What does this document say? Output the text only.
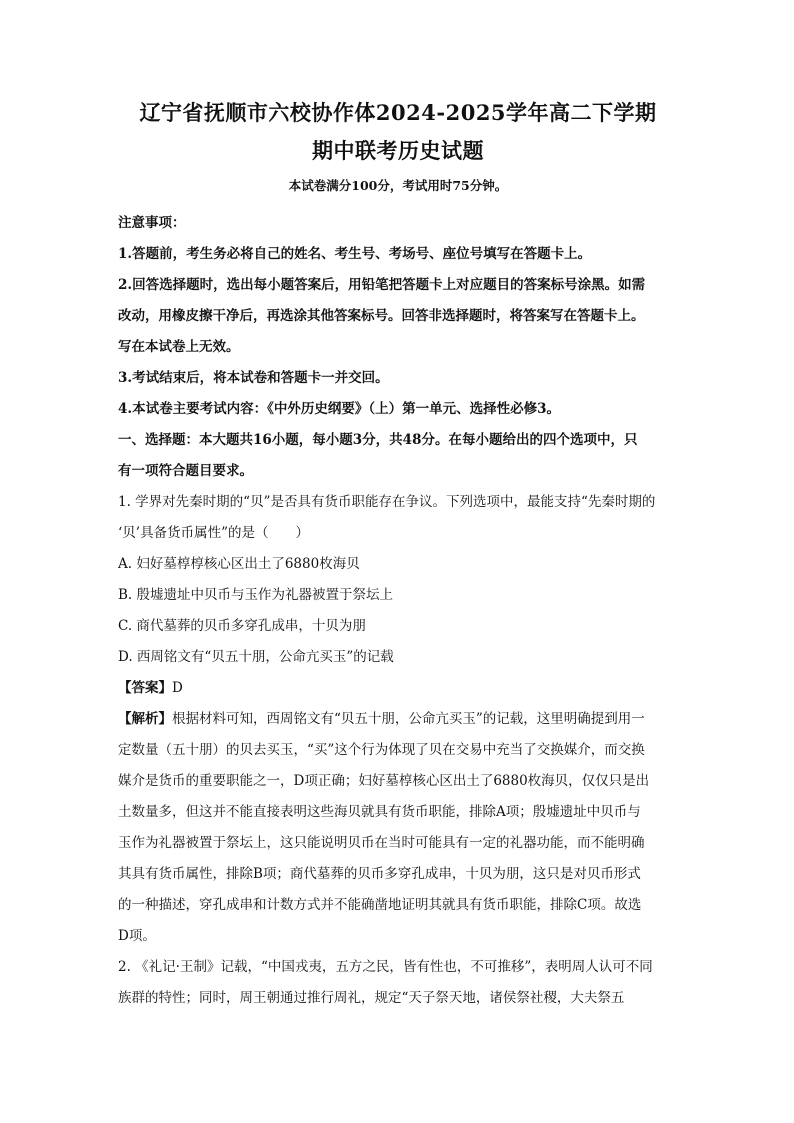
辽宁省抚顺市六校协作体2024-2025学年高二下学期
期中联考历史试题
本试卷满分100分，考试用时75分钟。

注意事项：

1.答题前，考生务必将自己的姓名、考生号、考场号、座位号填写在答题卡上。

2.回答选择题时，选出每小题答案后，用铅笔把答题卡上对应题目的答案标号涂黑。如需

改动，用橡皮擦干净后，再选涂其他答案标号。回答非选择题时，将答案写在答题卡上。

写在本试卷上无效。

3.考试结束后，将本试卷和答题卡一并交回。

4.本试卷主要考试内容：《中外历史纲要》（上）第一单元、选择性必修3。

一、选择题：本大题共16小题，每小题3分，共48分。在每小题给出的四个选项中，只

有一项符合题目要求。

1. 学界对先秦时期的“贝”是否具有货币职能存在争议。下列选项中，最能支持“先秦时期的

‘贝’具备货币属性”的是（　　）

A. 妇好墓椁椁核心区出土了6880枚海贝

B. 殷墟遗址中贝币与玉作为礼器被置于祭坛上

C. 商代墓葬的贝币多穿孔成串，十贝为朋

D. 西周铭文有“贝五十朋，公命亢买玉”的记载

【答案】D

【解析】根据材料可知，西周铭文有“贝五十朋，公命亢买玉”的记载，这里明确提到用一

定数量（五十朋）的贝去买玉，“买”这个行为体现了贝在交易中充当了交换媒介，而交换

媒介是货币的重要职能之一，D项正确；妇好墓椁核心区出土了6880枚海贝，仅仅只是出

土数量多，但这并不能直接表明这些海贝就具有货币职能，排除A项；殷墟遗址中贝币与

玉作为礼器被置于祭坛上，这只能说明贝币在当时可能具有一定的礼器功能，而不能明确

其具有货币属性，排除B项；商代墓葬的贝币多穿孔成串，十贝为朋，这只是对贝币形式

的一种描述，穿孔成串和计数方式并不能确凿地证明其就具有货币职能，排除C项。故选

D项。

2. 《礼记·王制》记载，“中国戎夷，五方之民，皆有性也，不可推移”，表明周人认可不同

族群的特性；同时，周王朝通过推行周礼，规定“天子祭天地，诸侯祭社稷，大夫祭五
